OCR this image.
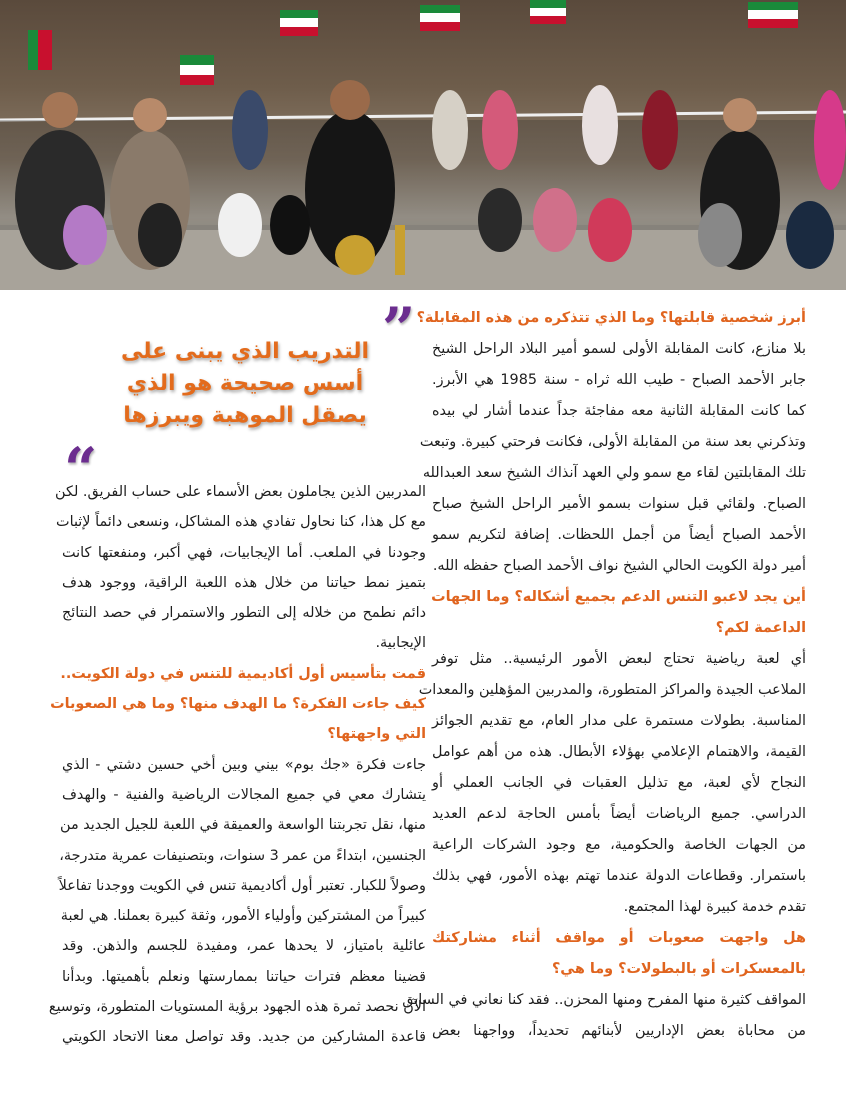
”
التدريب الذي يبنى على
أسس صحيحة هو الذي
يصقل الموهبة ويبرزها
“
أبرز شخصية قابلتها؟ وما الذي تتذكره من هذه المقابلة؟
بلا منازع، كانت المقابلة الأولى لسمو أمير البلاد الراحل الشيخ
جابر الأحمد الصباح - طيب الله ثراه - سنة 1985 هي الأبرز.
كما كانت المقابلة الثانية معه مفاجئة جداً عندما أشار لي بيده
وتذكرني بعد سنة من المقابلة الأولى، فكانت فرحتي كبيرة. وتبعت
تلك المقابلتين لقاء مع سمو ولي العهد آنذاك الشيخ سعد العبدالله
الصباح. ولقائي قبل سنوات بسمو الأمير الراحل الشيخ صباح
الأحمد الصباح أيضاً من أجمل اللحظات. إضافة لتكريم سمو
أمير دولة الكويت الحالي الشيخ نواف الأحمد الصباح حفظه الله.
أين يجد لاعبو التنس الدعم بجميع أشكاله؟ وما الجهات
الداعمة لكم؟
أي لعبة رياضية تحتاج لبعض الأمور الرئيسية.. مثل توفر
الملاعب الجيدة والمراكز المتطورة، والمدربين المؤهلين والمعدات
المناسبة. بطولات مستمرة على مدار العام، مع تقديم الجوائز
القيمة، والاهتمام الإعلامي بهؤلاء الأبطال. هذه من أهم عوامل
النجاح لأي لعبة، مع تذليل العقبات في الجانب العملي أو
الدراسي. جميع الرياضات أيضاً بأمس الحاجة لدعم العديد
من الجهات الخاصة والحكومية، مع وجود الشركات الراعية
باستمرار. وقطاعات الدولة عندما تهتم بهذه الأمور، فهي بذلك
تقدم خدمة كبيرة لهذا المجتمع.
هل واجهت صعوبات أو مواقف أثناء مشاركتك
بالمعسكرات أو بالبطولات؟ وما هي؟
المواقف كثيرة منها المفرح ومنها المحزن.. فقد كنا نعاني في السابق
من محاباة بعض الإداريين لأبنائهم تحديداً، وواجهنا بعض
المدربين الذين يجاملون بعض الأسماء على حساب الفريق. لكن
مع كل هذا، كنا نحاول تفادي هذه المشاكل، ونسعى دائماً لإثبات
وجودنا في الملعب. أما الإيجابيات، فهي أكبر، ومنفعتها كانت
بتميز نمط حياتنا من خلال هذه اللعبة الراقية، ووجود هدف
دائم نطمح من خلاله إلى التطور والاستمرار في حصد النتائج
الإيجابية.
قمت بتأسيس أول أكاديمية للتنس في دولة الكويت..
كيف جاءت الفكرة؟ ما الهدف منها؟ وما هي الصعوبات
التي واجهتها؟
جاءت فكرة «جك بوم» بيني وبين أخي حسين دشتي - الذي
يتشارك معي في جميع المجالات الرياضية والفنية - والهدف
منها، نقل تجربتنا الواسعة والعميقة في اللعبة للجيل الجديد من
الجنسين، ابتداءً من عمر 3 سنوات، وبتصنيفات عمرية متدرجة،
وصولاً للكبار. تعتبر أول أكاديمية تنس في الكويت ووجدنا تفاعلاً
كبيراً من المشتركين وأولياء الأمور، وثقة كبيرة بعملنا. هي لعبة
عائلية بامتياز، لا يحدها عمر، ومفيدة للجسم والذهن. وقد
قضينا معظم فترات حياتنا بممارستها ونعلم بأهميتها. وبدأنا
الآن نحصد ثمرة هذه الجهود برؤية المستويات المتطورة، وتوسيع
قاعدة المشاركين من جديد. وقد تواصل معنا الاتحاد الكويتي
